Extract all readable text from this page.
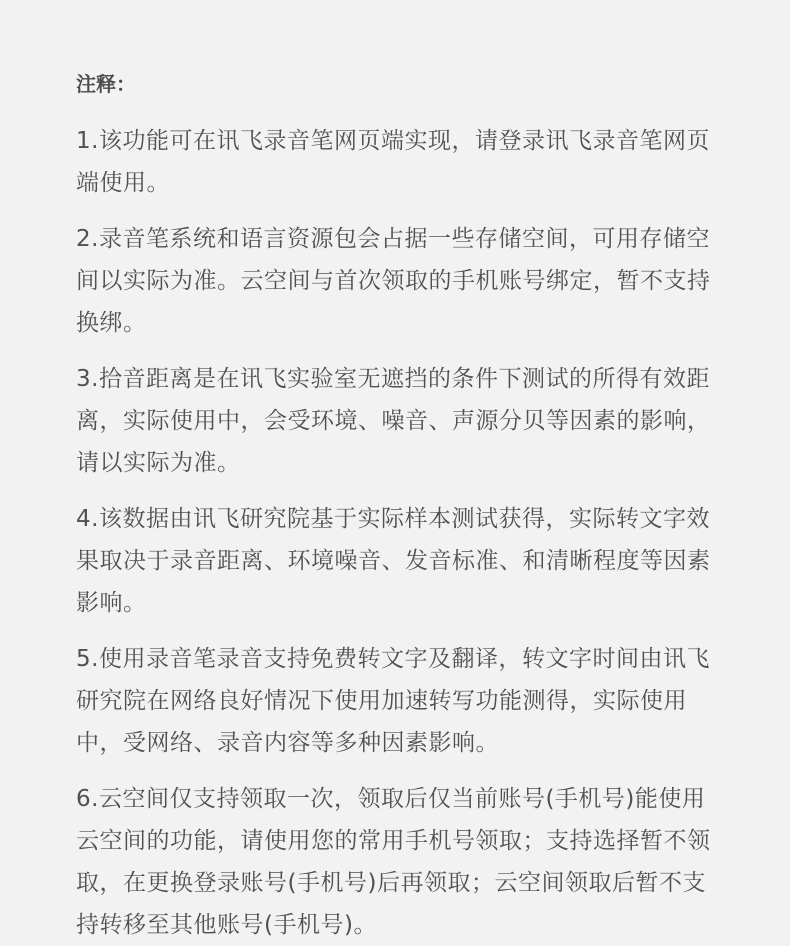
注释：

1.该功能可在讯飞录音笔网页端实现，请登录讯飞录音笔网页端使用。

2.录音笔系统和语言资源包会占据一些存储空间，可用存储空间以实际为准。云空间与首次领取的手机账号绑定，暂不支持换绑。

3.拾音距离是在讯飞实验室无遮挡的条件下测试的所得有效距离，实际使用中，会受环境、噪音、声源分贝等因素的影响，请以实际为准。

4.该数据由讯飞研究院基于实际样本测试获得，实际转文字效果取决于录音距离、环境噪音、发音标准、和清晰程度等因素影响。

5.使用录音笔录音支持免费转文字及翻译，转文字时间由讯飞研究院在网络良好情况下使用加速转写功能测得，实际使用中，受网络、录音内容等多种因素影响。

6.云空间仅支持领取一次，领取后仅当前账号(手机号)能使用云空间的功能，请使用您的常用手机号领取；支持选择暂不领取，在更换登录账号(手机号)后再领取；云空间领取后暂不支持转移至其他账号(手机号)。
